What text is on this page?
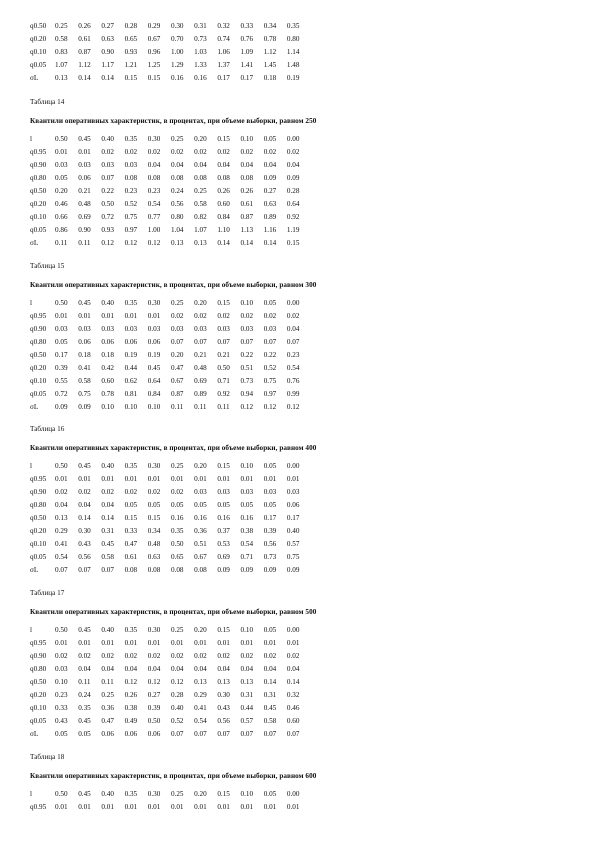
q0.50	0.25	0.26	0.27	0.28	0.29	0.30	0.31	0.32	0.33	0.34	0.35
q0.20	0.58	0.61	0.63	0.65	0.67	0.70	0.73	0.74	0.76	0.78	0.80
q0.10	0.83	0.87	0.90	0.93	0.96	1.00	1.03	1.06	1.09	1.12	1.14
q0.05	1.07	1.12	1.17	1.21	1.25	1.29	1.33	1.37	1.41	1.45	1.48
σL	0.13	0.14	0.14	0.15	0.15	0.16	0.16	0.17	0.17	0.18	0.19
Таблица 14
Квантили оперативных характеристик, в процентах, при объеме выборки, равном 250
l	0.50	0.45	0.40	0.35	0.30	0.25	0.20	0.15	0.10	0.05	0.00
q0.95	0.01	0.01	0.02	0.02	0.02	0.02	0.02	0.02	0.02	0.02	0.02
q0.90	0.03	0.03	0.03	0.03	0.04	0.04	0.04	0.04	0.04	0.04	0.04
q0.80	0.05	0.06	0.07	0.08	0.08	0.08	0.08	0.08	0.08	0.09	0.09
q0.50	0.20	0.21	0.22	0.23	0.23	0.24	0.25	0.26	0.26	0.27	0.28
q0.20	0.46	0.48	0.50	0.52	0.54	0.56	0.58	0.60	0.61	0.63	0.64
q0.10	0.66	0.69	0.72	0.75	0.77	0.80	0.82	0.84	0.87	0.89	0.92
q0.05	0.86	0.90	0.93	0.97	1.00	1.04	1.07	1.10	1.13	1.16	1.19
σL	0.11	0.11	0.12	0.12	0.12	0.13	0.13	0.14	0.14	0.14	0.15
Таблица 15
Квантили оперативных характеристик, в процентах, при объеме выборки, равном 300
l	0.50	0.45	0.40	0.35	0.30	0.25	0.20	0.15	0.10	0.05	0.00
q0.95	0.01	0.01	0.01	0.01	0.01	0.02	0.02	0.02	0.02	0.02	0.02
q0.90	0.03	0.03	0.03	0.03	0.03	0.03	0.03	0.03	0.03	0.03	0.04
q0.80	0.05	0.06	0.06	0.06	0.06	0.07	0.07	0.07	0.07	0.07	0.07
q0.50	0.17	0.18	0.18	0.19	0.19	0.20	0.21	0.21	0.22	0.22	0.23
q0.20	0.39	0.41	0.42	0.44	0.45	0.47	0.48	0.50	0.51	0.52	0.54
q0.10	0.55	0.58	0.60	0.62	0.64	0.67	0.69	0.71	0.73	0.75	0.76
q0.05	0.72	0.75	0.78	0.81	0.84	0.87	0.89	0.92	0.94	0.97	0.99
σL	0.09	0.09	0.10	0.10	0.10	0.11	0.11	0.11	0.12	0.12	0.12
Таблица 16
Квантили оперативных характеристик, в процентах, при объеме выборки, равном 400
l	0.50	0.45	0.40	0.35	0.30	0.25	0.20	0.15	0.10	0.05	0.00
q0.95	0.01	0.01	0.01	0.01	0.01	0.01	0.01	0.01	0.01	0.01	0.01
q0.90	0.02	0.02	0.02	0.02	0.02	0.02	0.03	0.03	0.03	0.03	0.03
q0.80	0.04	0.04	0.04	0.05	0.05	0.05	0.05	0.05	0.05	0.05	0.06
q0.50	0.13	0.14	0.14	0.15	0.15	0.16	0.16	0.16	0.16	0.17	0.17
q0.20	0.29	0.30	0.31	0.33	0.34	0.35	0.36	0.37	0.38	0.39	0.40
q0.10	0.41	0.43	0.45	0.47	0.48	0.50	0.51	0.53	0.54	0.56	0.57
q0.05	0.54	0.56	0.58	0.61	0.63	0.65	0.67	0.69	0.71	0.73	0.75
σL	0.07	0.07	0.07	0.08	0.08	0.08	0.08	0.09	0.09	0.09	0.09
Таблица 17
Квантили оперативных характеристик, в процентах, при объеме выборки, равном 500
l	0.50	0.45	0.40	0.35	0.30	0.25	0.20	0.15	0.10	0.05	0.00
q0.95	0.01	0.01	0.01	0.01	0.01	0.01	0.01	0.01	0.01	0.01	0.01
q0.90	0.02	0.02	0.02	0.02	0.02	0.02	0.02	0.02	0.02	0.02	0.02
q0.80	0.03	0.04	0.04	0.04	0.04	0.04	0.04	0.04	0.04	0.04	0.04
q0.50	0.10	0.11	0.11	0.12	0.12	0.12	0.13	0.13	0.13	0.14	0.14
q0.20	0.23	0.24	0.25	0.26	0.27	0.28	0.29	0.30	0.31	0.31	0.32
q0.10	0.33	0.35	0.36	0.38	0.39	0.40	0.41	0.43	0.44	0.45	0.46
q0.05	0.43	0.45	0.47	0.49	0.50	0.52	0.54	0.56	0.57	0.58	0.60
σL	0.05	0.05	0.06	0.06	0.06	0.07	0.07	0.07	0.07	0.07	0.07
Таблица 18
Квантили оперативных характеристик, в процентах, при объеме выборки, равном 600
l	0.50	0.45	0.40	0.35	0.30	0.25	0.20	0.15	0.10	0.05	0.00
q0.95	0.01	0.01	0.01	0.01	0.01	0.01	0.01	0.01	0.01	0.01	0.01
